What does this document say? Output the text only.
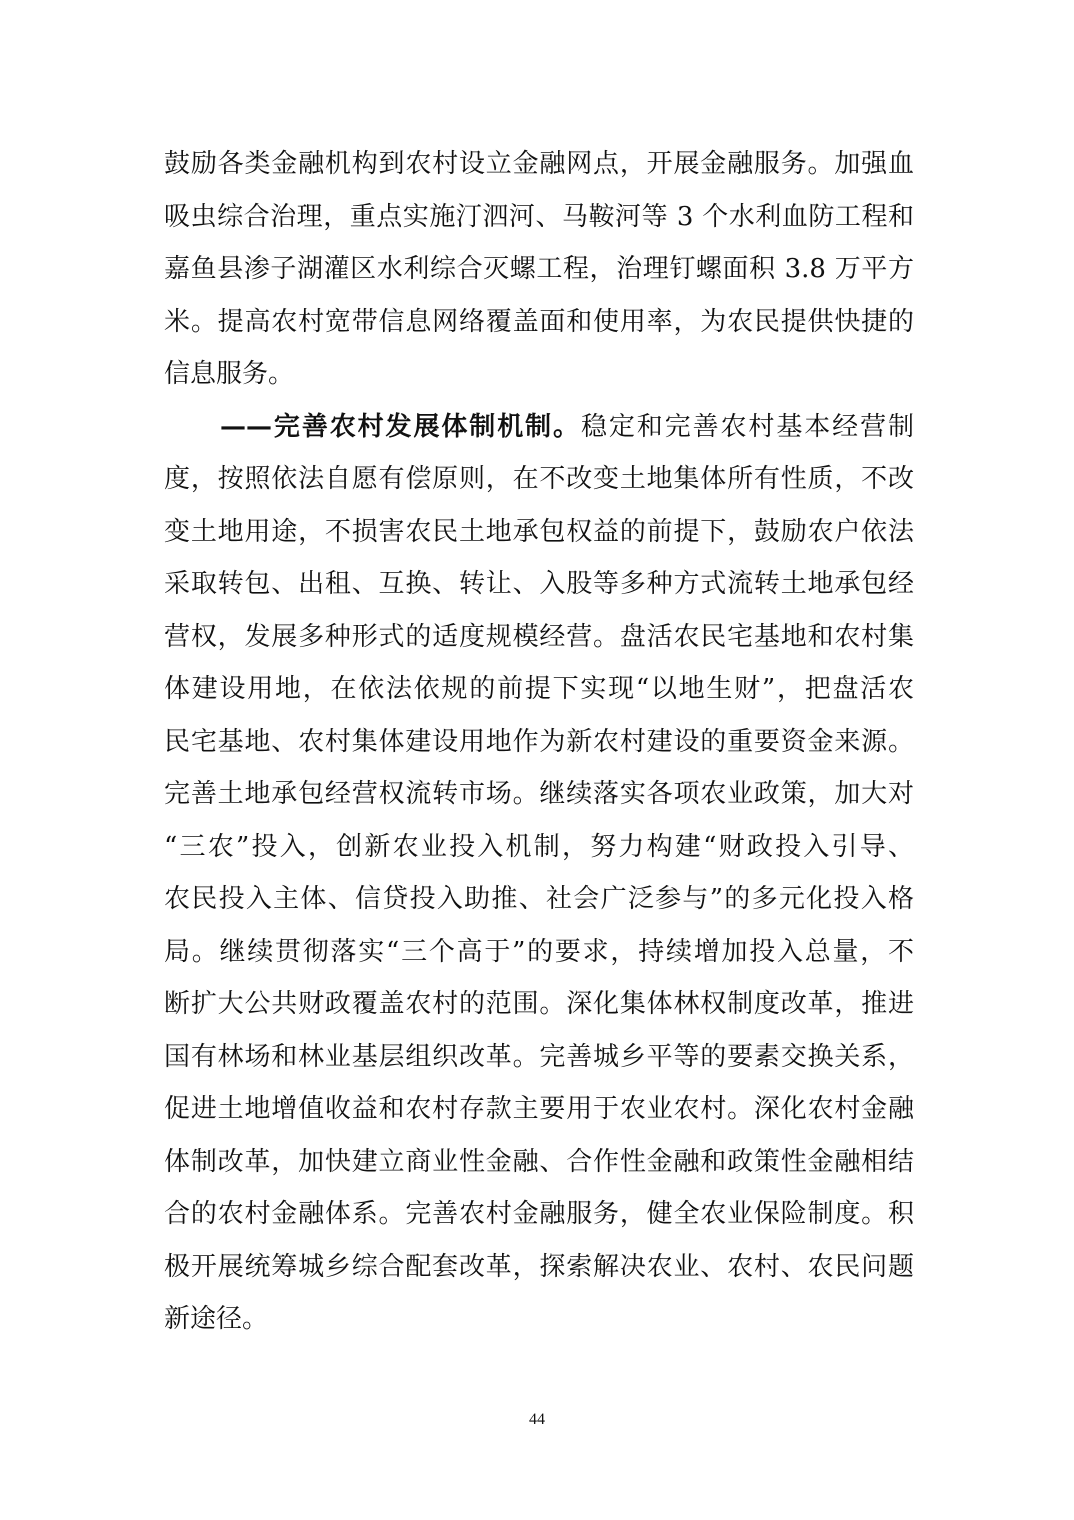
鼓励各类金融机构到农村设立金融网点，开展金融服务。加强血
吸虫综合治理，重点实施汀泗河、马鞍河等 3 个水利血防工程和
嘉鱼县渗子湖灌区水利综合灭螺工程，治理钉螺面积 3.8 万平方
米。提高农村宽带信息网络覆盖面和使用率，为农民提供快捷的
信息服务。
——完善农村发展体制机制。稳定和完善农村基本经营制
度，按照依法自愿有偿原则，在不改变土地集体所有性质，不改
变土地用途，不损害农民土地承包权益的前提下，鼓励农户依法
采取转包、出租、互换、转让、入股等多种方式流转土地承包经
营权，发展多种形式的适度规模经营。盘活农民宅基地和农村集
体建设用地，在依法依规的前提下实现“以地生财”，把盘活农
民宅基地、农村集体建设用地作为新农村建设的重要资金来源。
完善土地承包经营权流转市场。继续落实各项农业政策，加大对
“三农”投入，创新农业投入机制，努力构建“财政投入引导、
农民投入主体、信贷投入助推、社会广泛参与”的多元化投入格
局。继续贯彻落实“三个高于”的要求，持续增加投入总量，不
断扩大公共财政覆盖农村的范围。深化集体林权制度改革，推进
国有林场和林业基层组织改革。完善城乡平等的要素交换关系，
促进土地增值收益和农村存款主要用于农业农村。深化农村金融
体制改革，加快建立商业性金融、合作性金融和政策性金融相结
合的农村金融体系。完善农村金融服务，健全农业保险制度。积
极开展统筹城乡综合配套改革，探索解决农业、农村、农民问题
新途径。
44
